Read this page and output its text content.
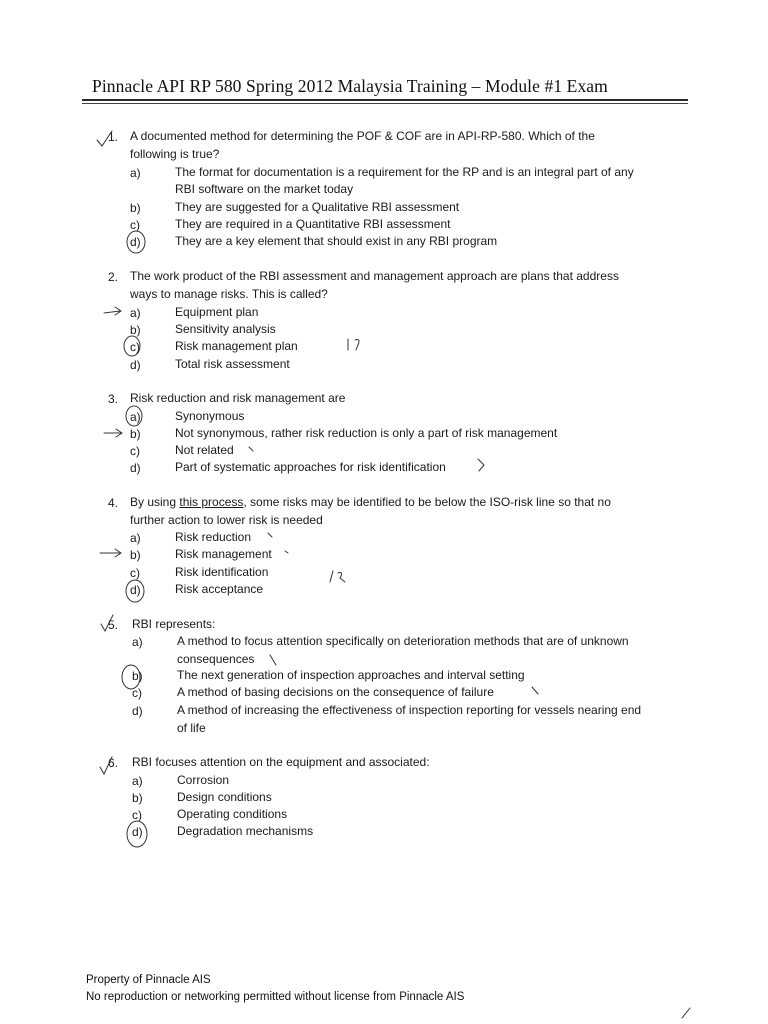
Pinnacle API RP 580 Spring 2012 Malaysia Training – Module #1 Exam
1. A documented method for determining the POF & COF are in API-RP-580. Which of the
following is true?
a)	The format for documentation is a requirement for the RP and is an integral part of any
RBI software on the market today
b)	They are suggested for a Qualitative RBI assessment
c)	They are required in a Quantitative RBI assessment
d)	They are a key element that should exist in any RBI program
2. The work product of the RBI assessment and management approach are plans that address
ways to manage risks. This is called?
a)	Equipment plan
b)	Sensitivity analysis
c)	Risk management plan
d)	Total risk assessment
3. Risk reduction and risk management are
a)	Synonymous
b)	Not synonymous, rather risk reduction is only a part of risk management
c)	Not related
d)	Part of systematic approaches for risk identification
4. By using this process, some risks may be identified to be below the ISO-risk line so that no
further action to lower risk is needed
a)	Risk reduction
b)	Risk management
c)	Risk identification
d)	Risk acceptance
5. RBI represents:
a)	A method to focus attention specifically on deterioration methods that are of unknown
consequences
b)	The next generation of inspection approaches and interval setting
c)	A method of basing decisions on the consequence of failure
d)	A method of increasing the effectiveness of inspection reporting for vessels nearing end
of life
6. RBI focuses attention on the equipment and associated:
a)	Corrosion
b)	Design conditions
c)	Operating conditions
d)	Degradation mechanisms
Property of Pinnacle AIS
No reproduction or networking permitted without license from Pinnacle AIS
